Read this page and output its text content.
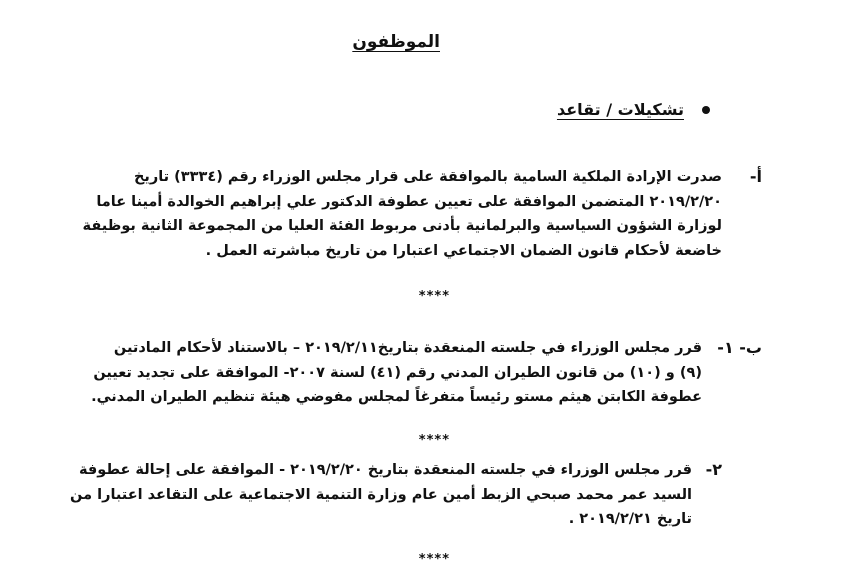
الموظفون
تشكيلات / تقاعد
أ-
صدرت الإرادة الملكية السامية بالموافقة على قرار مجلس الوزراء رقم (٣٣٣٤) تاريخ
٢٠١٩/٢/٢٠ المتضمن الموافقة على تعيين عطوفة الدكتور علي إبراهيم الخوالدة أمينا عاما
لوزارة الشؤون السياسية والبرلمانية بأدنى مربوط الفئة العليا من المجموعة الثانية بوظيفة
خاضعة لأحكام قانون الضمان الاجتماعي اعتبارا من تاريخ مباشرته العمل .
****
ب- ١-
قرر مجلس الوزراء في جلسته المنعقدة بتاريخ٢٠١٩/٢/١١ – بالاستناد لأحكام المادتين
(٩) و (١٠) من قانون الطيران المدني رقم (٤١) لسنة ٢٠٠٧- الموافقة على تجديد تعيين
عطوفة الكابتن هيثم مستو رئيساً متفرغاً لمجلس مفوضي هيئة تنظيم الطيران المدني.
****
٢-
قرر مجلس الوزراء في جلسته المنعقدة بتاريخ ٢٠١٩/٢/٢٠ - الموافقة على إحالة عطوفة
السيد عمر محمد صبحي الزبط أمين عام وزارة التنمية الاجتماعية على التقاعد اعتبارا من
تاريخ ٢٠١٩/٢/٢١ .
****
